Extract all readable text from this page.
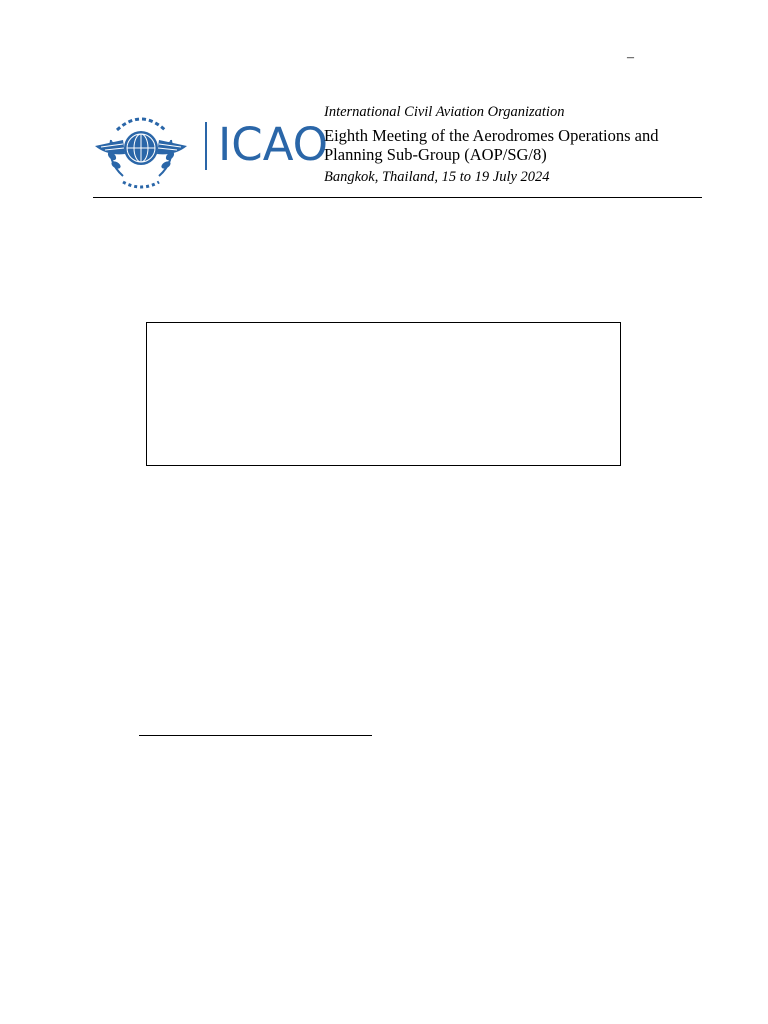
–
ICAO
International Civil Aviation Organization
Eighth Meeting of the Aerodromes Operations and
Planning Sub-Group (AOP/SG/8)
Bangkok, Thailand, 15 to 19 July 2024
